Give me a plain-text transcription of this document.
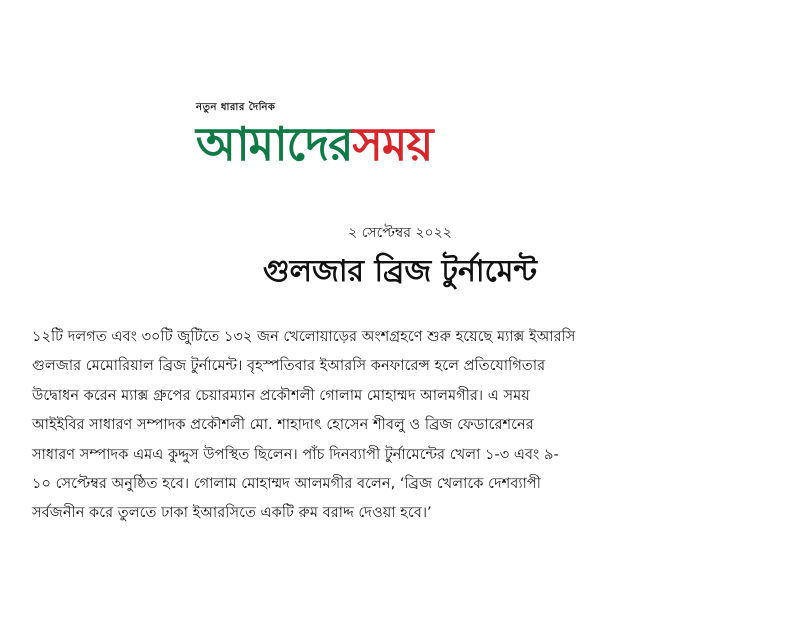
নতুন ধারার দৈনিক
আমাদেরসময়
২ সেপ্টেম্বর ২০২২
গুলজার ব্রিজ টুর্নামেন্ট
১২টি দলগত এবং ৩০টি জুটিতে ১৩২ জন খেলোয়াড়ের অংশগ্রহণে শুরু হয়েছে ম্যাক্স ইআরসি
গুলজার মেমোরিয়াল ব্রিজ টুর্নামেন্ট। বৃহস্পতিবার ইআরসি কনফারেন্স হলে প্রতিযোগিতার
উদ্বোধন করেন ম্যাক্স গ্রুপের চেয়ারম্যান প্রকৌশলী গোলাম মোহাম্মদ আলমগীর। এ সময়
আইইবির সাধারণ সম্পাদক প্রকৌশলী মো. শাহাদাৎ হোসেন শীবলু ও ব্রিজ ফেডারেশনের
সাধারণ সম্পাদক এমএ কুদ্দুস উপস্থিত ছিলেন। পাঁচ দিনব্যাপী টুর্নামেন্টের খেলা ১-৩ এবং ৯-
১০ সেপ্টেম্বর অনুষ্ঠিত হবে। গোলাম মোহাম্মদ আলমগীর বলেন, ‘ব্রিজ খেলাকে দেশব্যাপী
সর্বজনীন করে তুলতে ঢাকা ইআরসিতে একটি রুম বরাদ্দ দেওয়া হবে।’
